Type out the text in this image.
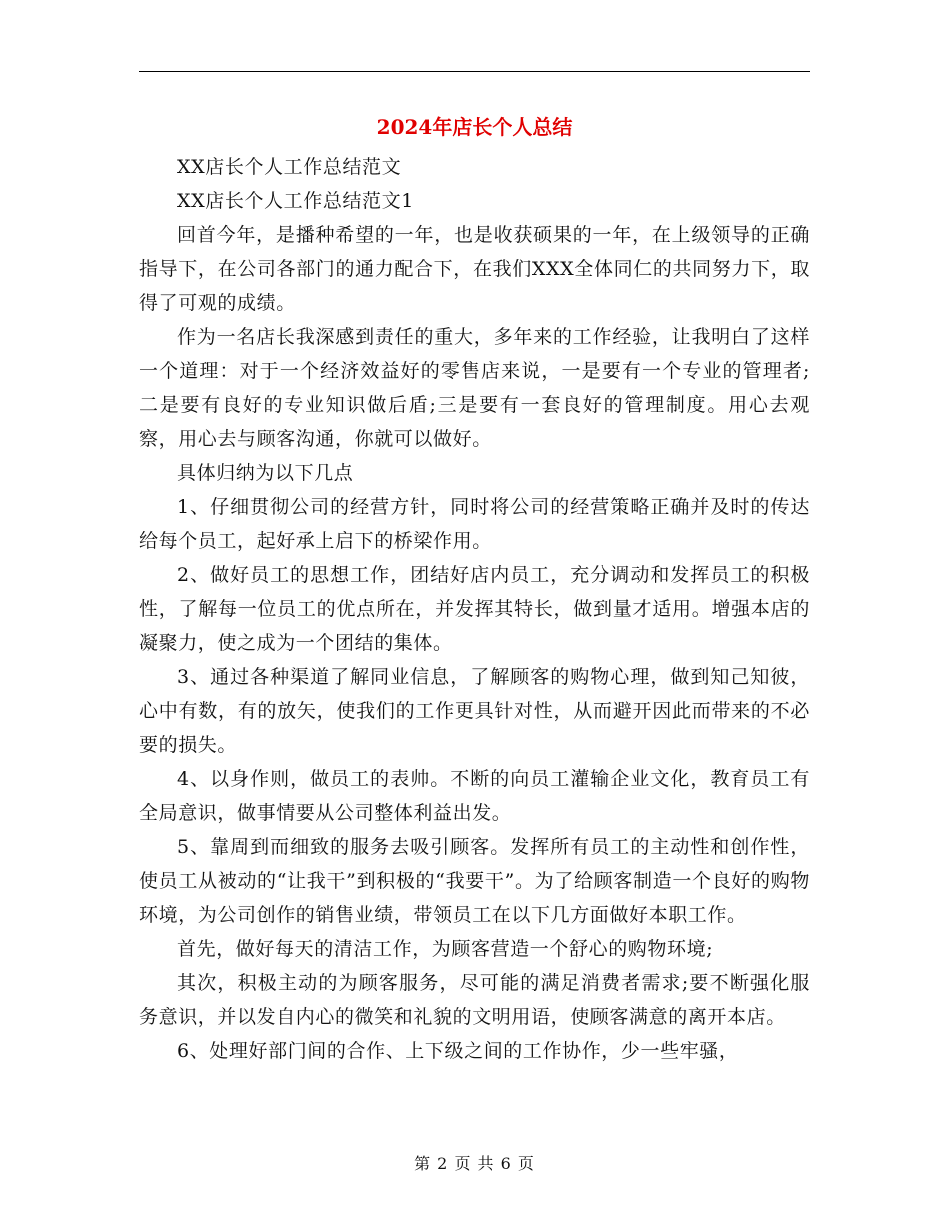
2024年店长个人总结

XX店长个人工作总结范文

XX店长个人工作总结范文1

回首今年，是播种希望的一年，也是收获硕果的一年，在上级领导的正确指导下，在公司各部门的通力配合下，在我们XXX全体同仁的共同努力下，取得了可观的成绩。

作为一名店长我深感到责任的重大，多年来的工作经验，让我明白了这样一个道理：对于一个经济效益好的零售店来说，一是要有一个专业的管理者;二是要有良好的专业知识做后盾;三是要有一套良好的管理制度。用心去观察，用心去与顾客沟通，你就可以做好。

具体归纳为以下几点

1、仔细贯彻公司的经营方针，同时将公司的经营策略正确并及时的传达给每个员工，起好承上启下的桥梁作用。

2、做好员工的思想工作，团结好店内员工，充分调动和发挥员工的积极性，了解每一位员工的优点所在，并发挥其特长，做到量才适用。增强本店的凝聚力，使之成为一个团结的集体。

3、通过各种渠道了解同业信息，了解顾客的购物心理，做到知己知彼，心中有数，有的放矢，使我们的工作更具针对性，从而避开因此而带来的不必要的损失。

4、以身作则，做员工的表帅。不断的向员工灌输企业文化，教育员工有全局意识，做事情要从公司整体利益出发。

5、靠周到而细致的服务去吸引顾客。发挥所有员工的主动性和创作性，使员工从被动的“让我干”到积极的“我要干”。为了给顾客制造一个良好的购物环境，为公司创作的销售业绩，带领员工在以下几方面做好本职工作。

首先，做好每天的清洁工作，为顾客营造一个舒心的购物环境;

其次，积极主动的为顾客服务，尽可能的满足消费者需求;要不断强化服务意识，并以发自内心的微笑和礼貌的文明用语，使顾客满意的离开本店。

6、处理好部门间的合作、上下级之间的工作协作，少一些牢骚，

第 2 页 共 6 页
